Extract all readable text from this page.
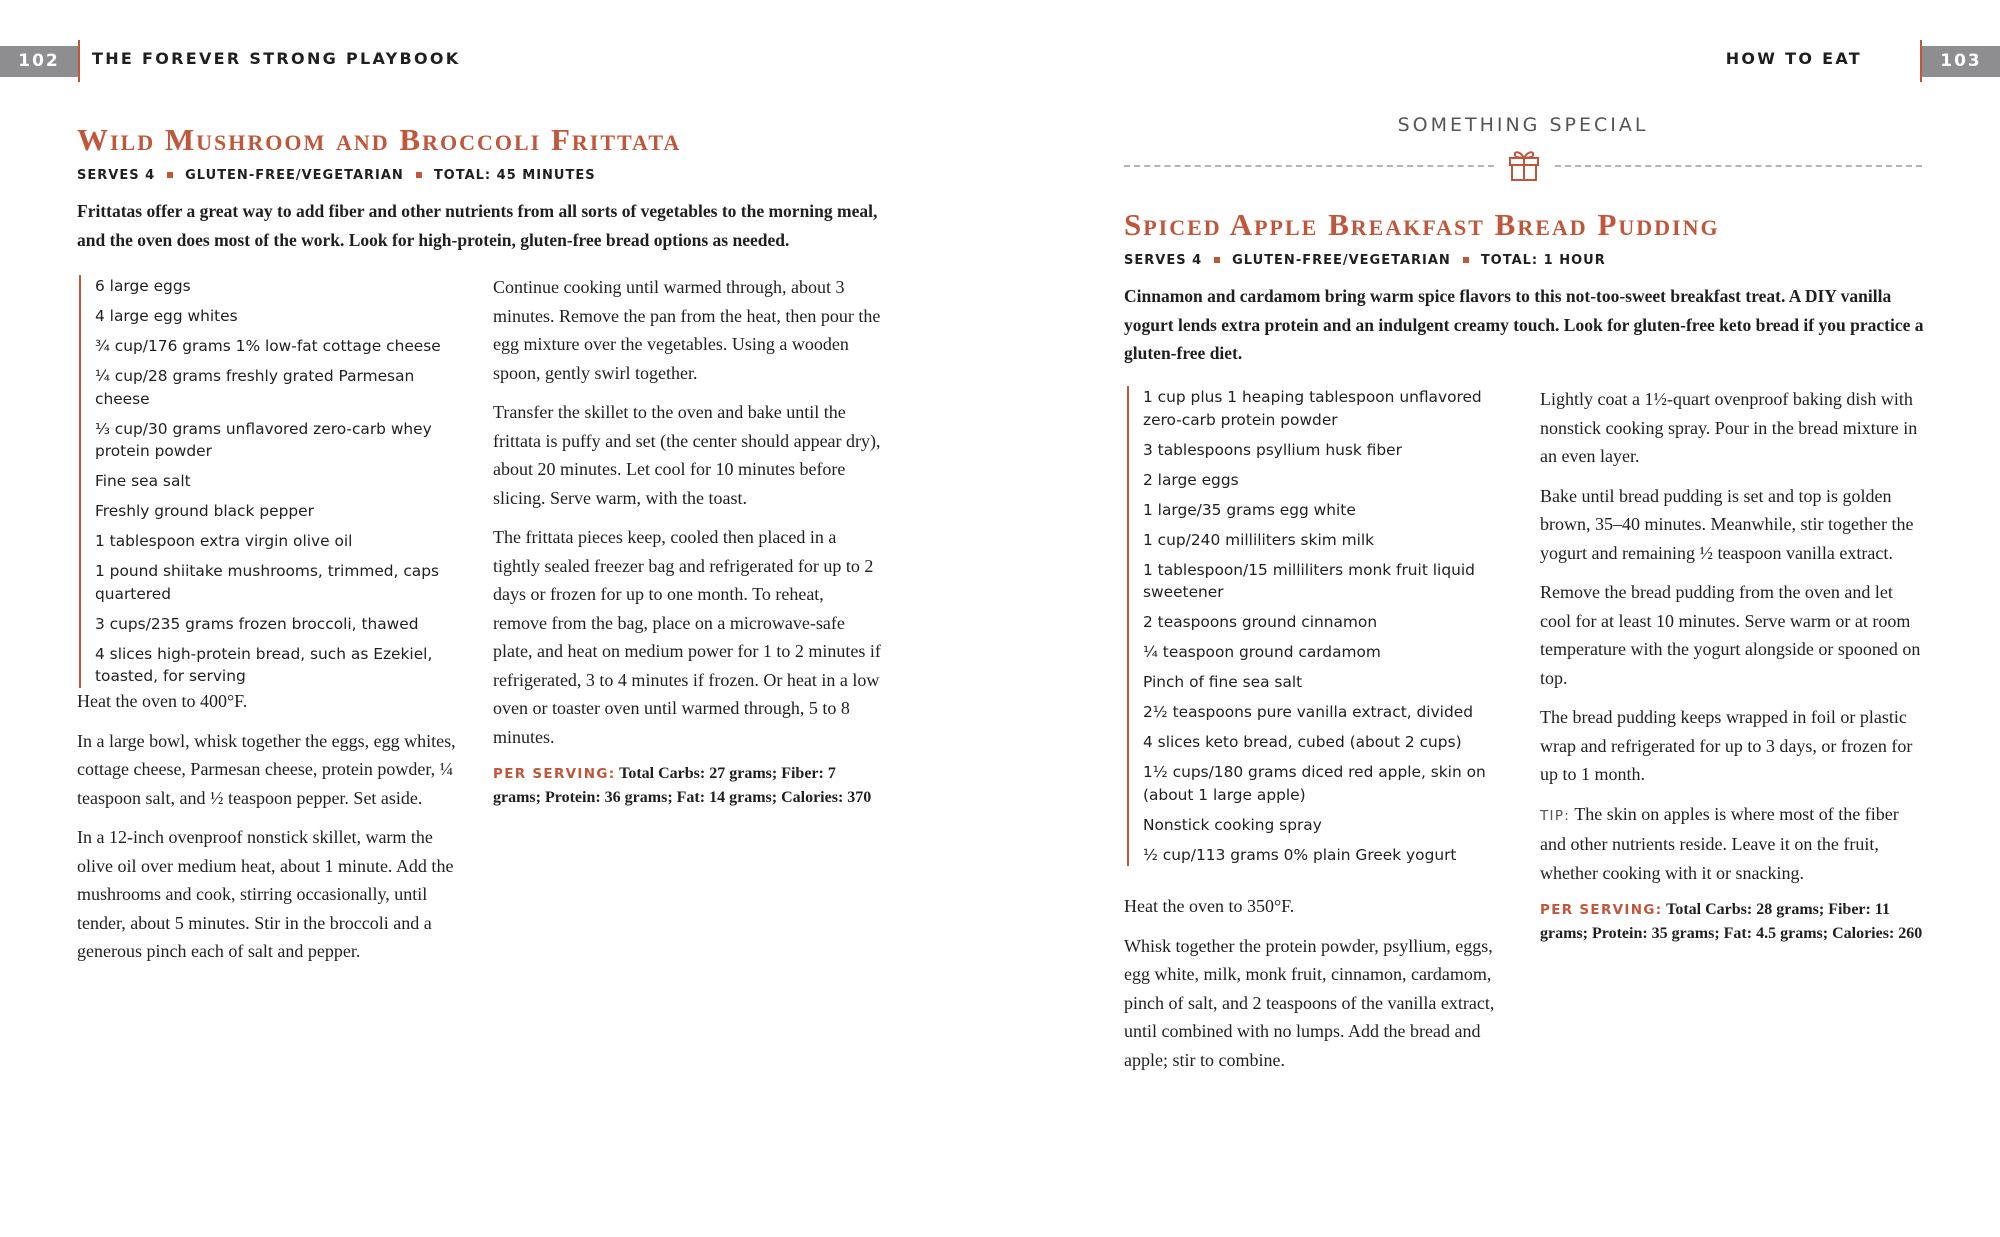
102	THE FOREVER STRONG PLAYBOOK	HOW TO EAT	103
Wild Mushroom and Broccoli Frittata
SERVES 4 GLUTEN-FREE/VEGETARIAN TOTAL: 45 MINUTES

Frittatas offer a great way to add fiber and other nutrients from all sorts of vegetables to the morning meal, and the oven does most of the work. Look for high-protein, gluten-free bread options as needed.

6 large eggs
4 large egg whites
¾ cup/176 grams 1% low-fat cottage cheese
¼ cup/28 grams freshly grated Parmesan cheese
⅓ cup/30 grams unflavored zero-carb whey protein powder
Fine sea salt
Freshly ground black pepper
1 tablespoon extra virgin olive oil
1 pound shiitake mushrooms, trimmed, caps quartered
3 cups/235 grams frozen broccoli, thawed
4 slices high-protein bread, such as Ezekiel, toasted, for serving

Heat the oven to 400°F.

In a large bowl, whisk together the eggs, egg whites, cottage cheese, Parmesan cheese, protein powder, ¼ teaspoon salt, and ½ teaspoon pepper. Set aside.

In a 12-inch ovenproof nonstick skillet, warm the olive oil over medium heat, about 1 minute. Add the mushrooms and cook, stirring occasionally, until tender, about 5 minutes. Stir in the broccoli and a generous pinch each of salt and pepper.

Continue cooking until warmed through, about 3 minutes. Remove the pan from the heat, then pour the egg mixture over the vegetables. Using a wooden spoon, gently swirl together.

Transfer the skillet to the oven and bake until the frittata is puffy and set (the center should appear dry), about 20 minutes. Let cool for 10 minutes before slicing. Serve warm, with the toast.

The frittata pieces keep, cooled then placed in a tightly sealed freezer bag and refrigerated for up to 2 days or frozen for up to one month. To reheat, remove from the bag, place on a microwave-safe plate, and heat on medium power for 1 to 2 minutes if refrigerated, 3 to 4 minutes if frozen. Or heat in a low oven or toaster oven until warmed through, 5 to 8 minutes.

PER SERVING: Total Carbs: 27 grams; Fiber: 7 grams; Protein: 36 grams; Fat: 14 grams; Calories: 370
SOMETHING SPECIAL
Spiced Apple Breakfast Bread Pudding
SERVES 4 GLUTEN-FREE/VEGETARIAN TOTAL: 1 HOUR

Cinnamon and cardamom bring warm spice flavors to this not-too-sweet breakfast treat. A DIY vanilla yogurt lends extra protein and an indulgent creamy touch. Look for gluten-free keto bread if you practice a gluten-free diet.

1 cup plus 1 heaping tablespoon unflavored zero-carb protein powder
3 tablespoons psyllium husk fiber
2 large eggs
1 large/35 grams egg white
1 cup/240 milliliters skim milk
1 tablespoon/15 milliliters monk fruit liquid sweetener
2 teaspoons ground cinnamon
¼ teaspoon ground cardamom
Pinch of fine sea salt
2½ teaspoons pure vanilla extract, divided
4 slices keto bread, cubed (about 2 cups)
1½ cups/180 grams diced red apple, skin on (about 1 large apple)
Nonstick cooking spray
½ cup/113 grams 0% plain Greek yogurt

Heat the oven to 350°F.

Whisk together the protein powder, psyllium, eggs, egg white, milk, monk fruit, cinnamon, cardamom, pinch of salt, and 2 teaspoons of the vanilla extract, until combined with no lumps. Add the bread and apple; stir to combine.

Lightly coat a 1½-quart ovenproof baking dish with nonstick cooking spray. Pour in the bread mixture in an even layer.

Bake until bread pudding is set and top is golden brown, 35–40 minutes. Meanwhile, stir together the yogurt and remaining ½ teaspoon vanilla extract.

Remove the bread pudding from the oven and let cool for at least 10 minutes. Serve warm or at room temperature with the yogurt alongside or spooned on top.

The bread pudding keeps wrapped in foil or plastic wrap and refrigerated for up to 3 days, or frozen for up to 1 month.

TIP: The skin on apples is where most of the fiber and other nutrients reside. Leave it on the fruit, whether cooking with it or snacking.

PER SERVING: Total Carbs: 28 grams; Fiber: 11 grams; Protein: 35 grams; Fat: 4.5 grams; Calories: 260
